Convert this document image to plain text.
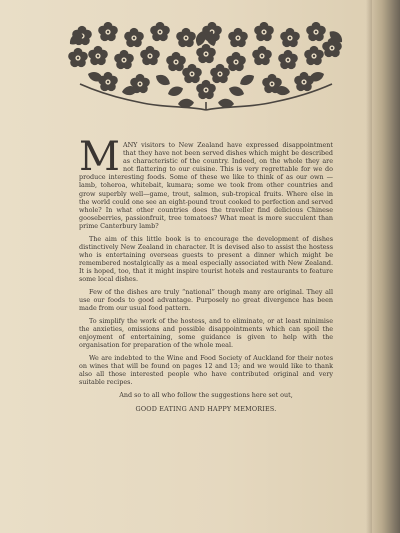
MANY visitors to New Zealand have expressed disappointment that they have not been served dishes which might be described as characteristic of the country. Indeed, on the whole they are not flattering to our cuisine. This is very regrettable for we do produce interesting foods. Some of these we like to think of as our own —lamb, toheroa, whitebait, kumara; some we took from other countries and grow superbly well—game, trout, salmon, sub-tropical fruits. Where else in the world could one see an eight-pound trout cooked to perfection and served whole? In what other countries does the traveller find delicious Chinese gooseberries, passionfruit, tree tomatoes? What meat is more succulent than prime Canterbury lamb?

The aim of this little book is to encourage the development of dishes distinctively New Zealand in character. It is devised also to assist the hostess who is entertaining overseas guests to present a dinner which might be remembered nostalgically as a meal especially associated with New Zealand. It is hoped, too, that it might inspire tourist hotels and restaurants to feature some local dishes.

Few of the dishes are truly “national” though many are original. They all use our foods to good advantage. Purposely no great divergence has been made from our usual food pattern.

To simplify the work of the hostess, and to eliminate, or at least minimise the anxieties, omissions and possible disappointments which can spoil the enjoyment of entertaining, some guidance is given to help with the organisation for preparation of the whole meal.

We are indebted to the Wine and Food Society of Auckland for their notes on wines that will be found on pages 12 and 13; and we would like to thank also all those interested people who have contributed original and very suitable recipes.

And so to all who follow the suggestions here set out,

GOOD EATING AND HAPPY MEMORIES.
